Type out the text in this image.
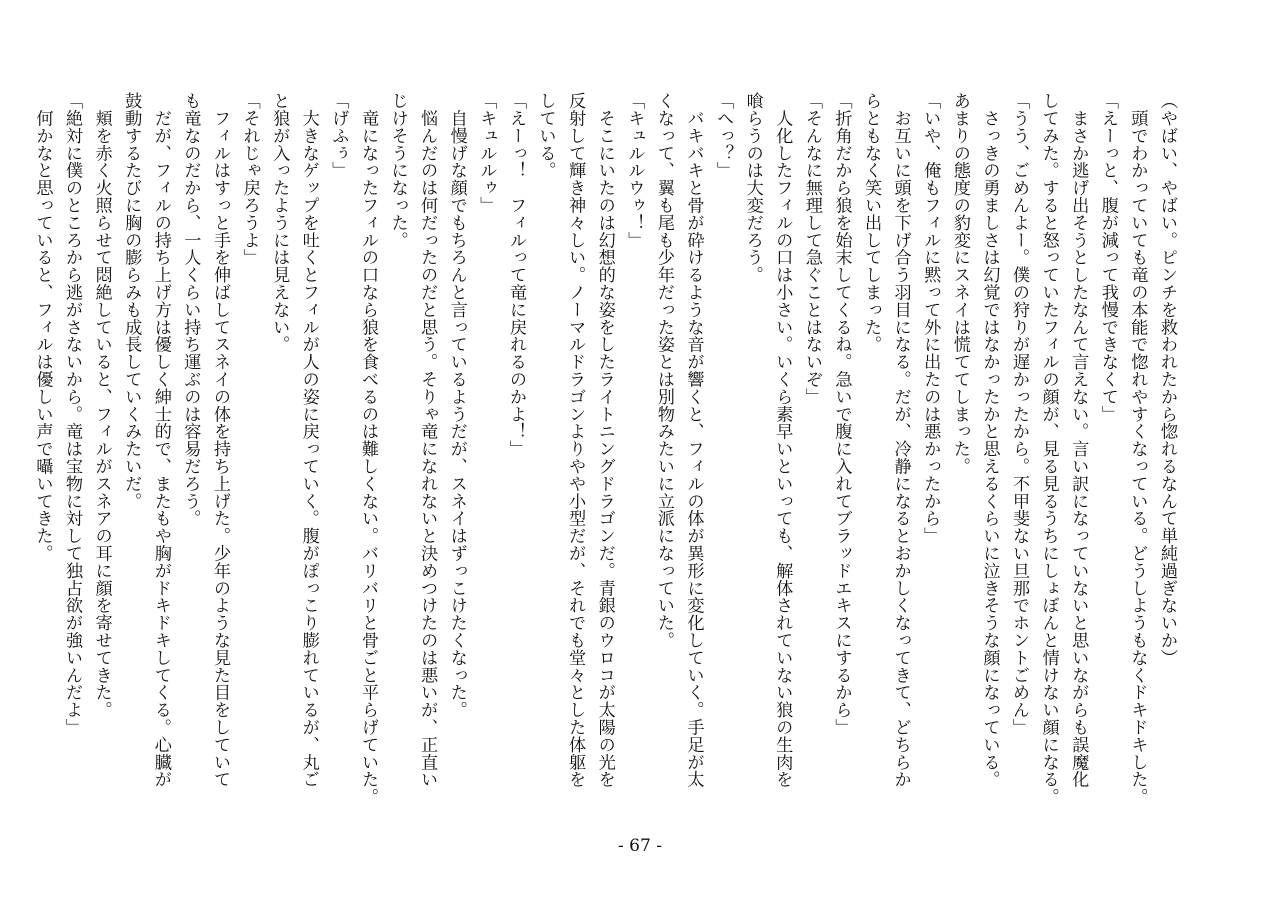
（やばい、やばい。ピンチを救われたから惚れるなんて単純過ぎないか）
　頭でわかっていても竜の本能で惚れやすくなっている。どうしようもなくドキドキした。
「えーっと、腹が減って我慢できなくて」
　まさか逃げ出そうとしたなんて言えない。言い訳になっていないと思いながらも誤魔化
してみた。すると怒っていたフィルの顔が、見る見るうちにしょぼんと情けない顔になる。
「うう、ごめんよー。僕の狩りが遅かったから。不甲斐ない旦那でホントごめん」
　さっきの勇ましさは幻覚ではなかったかと思えるくらいに泣きそうな顔になっている。
あまりの態度の豹変にスネイは慌ててしまった。
「いや、俺もフィルに黙って外に出たのは悪かったから」
　お互いに頭を下げ合う羽目になる。だが、冷静になるとおかしくなってきて、どちらか
らともなく笑い出してしまった。
「折角だから狼を始末してくるね。急いで腹に入れてブラッドエキスにするから」
「そんなに無理して急ぐことはないぞ」
　人化したフィルの口は小さい。いくら素早いといっても、解体されていない狼の生肉を
喰らうのは大変だろう。
「へっ？」
　バキバキと骨が砕けるような音が響くと、フィルの体が異形に変化していく。手足が太
くなって、翼も尾も少年だった姿とは別物みたいに立派になっていた。
「キュルルウゥ！」
　そこにいたのは幻想的な姿をしたライトニングドラゴンだ。青銀のウロコが太陽の光を
反射して輝き神々しい。ノーマルドラゴンよりやや小型だが、それでも堂々とした体躯を
している。
「えーっ！　フィルって竜に戻れるのかよ！」
「キュルルゥ」
　自慢げな顔でもちろんと言っているようだが、スネイはずっこけたくなった。
　悩んだのは何だったのだと思う。そりゃ竜になれないと決めつけたのは悪いが、正直い
じけそうになった。
　竜になったフィルの口なら狼を食べるのは難しくない。バリバリと骨ごと平らげていた。
「げふぅ」
　大きなゲップを吐くとフィルが人の姿に戻っていく。腹がぽっこり膨れているが、丸ご
と狼が入ったようには見えない。
「それじゃ戻ろうよ」
　フィルはすっと手を伸ばしてスネイの体を持ち上げた。少年のような見た目をしていて
も竜なのだから、一人くらい持ち運ぶのは容易だろう。
　だが、フィルの持ち上げ方は優しく紳士的で、またもや胸がドキドキしてくる。心臓が
鼓動するたびに胸の膨らみも成長していくみたいだ。
　頬を赤く火照らせて悶絶していると、フィルがスネアの耳に顔を寄せてきた。
「絶対に僕のところから逃がさないから。竜は宝物に対して独占欲が強いんだよ」
　何かなと思っていると、フィルは優しい声で囁いてきた。
- 67 -
